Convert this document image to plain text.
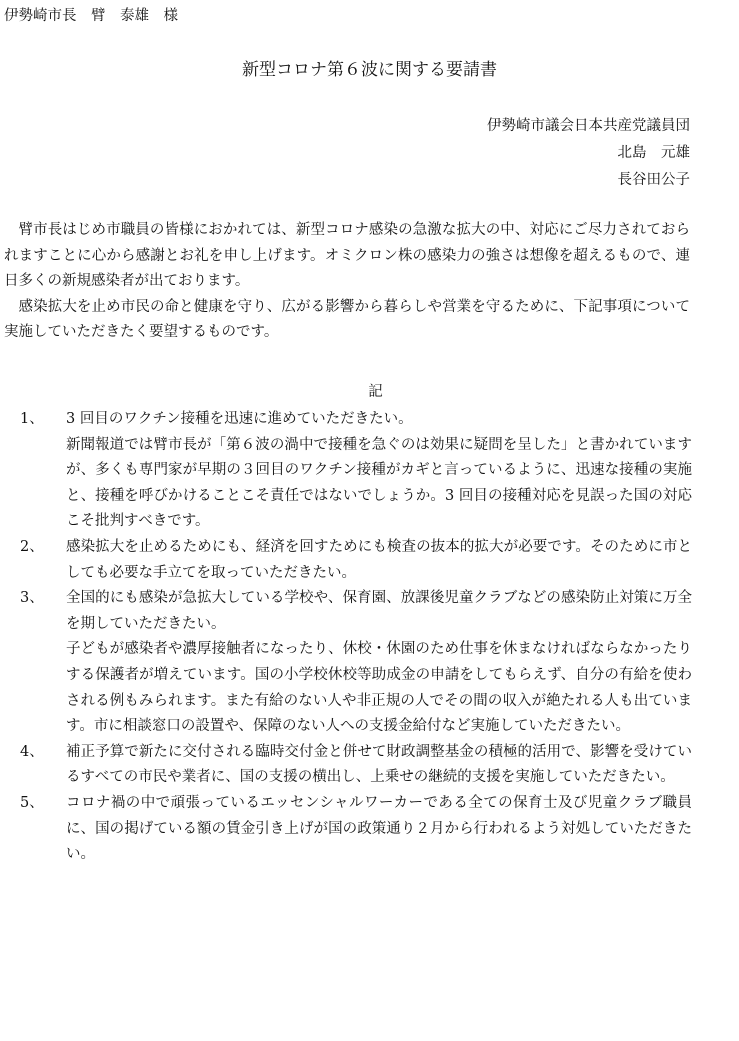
伊勢崎市長　臂　泰雄　様
新型コロナ第６波に関する要請書
伊勢崎市議会日本共産党議員団
北島　元雄
長谷田公子

臂市長はじめ市職員の皆様におかれては、新型コロナ感染の急激な拡大の中、対応にご尽力されておられますことに心から感謝とお礼を申し上げます。オミクロン株の感染力の強さは想像を超えるもので、連日多くの新規感染者が出ております。

感染拡大を止め市民の命と健康を守り、広がる影響から暮らしや営業を守るために、下記事項について実施していただきたく要望するものです。

記
1、 3 回目のワクチン接種を迅速に進めていただきたい。

新聞報道では臂市長が「第６波の渦中で接種を急ぐのは効果に疑問を呈した」と書かれていますが、多くも専門家が早期の３回目のワクチン接種がカギと言っているように、迅速な接種の実施と、接種を呼びかけることこそ責任ではないでしょうか。3 回目の接種対応を見誤った国の対応こそ批判すべきです。

2、 感染拡大を止めるためにも、経済を回すためにも検査の抜本的拡大が必要です。そのために市としても必要な手立てを取っていただきたい。

3、 全国的にも感染が急拡大している学校や、保育園、放課後児童クラブなどの感染防止対策に万全を期していただきたい。

子どもが感染者や濃厚接触者になったり、休校・休園のため仕事を休まなければならなかったりする保護者が増えています。国の小学校休校等助成金の申請をしてもらえず、自分の有給を使わされる例もみられます。また有給のない人や非正規の人でその間の収入が絶たれる人も出ています。市に相談窓口の設置や、保障のない人への支援金給付など実施していただきたい。

4、 補正予算で新たに交付される臨時交付金と併せて財政調整基金の積極的活用で、影響を受けているすべての市民や業者に、国の支援の横出し、上乗せの継続的支援を実施していただきたい。

5、 コロナ禍の中で頑張っているエッセンシャルワーカーである全ての保育士及び児童クラブ職員に、国の掲げている額の賃金引き上げが国の政策通り２月から行われるよう対処していただきたい。
